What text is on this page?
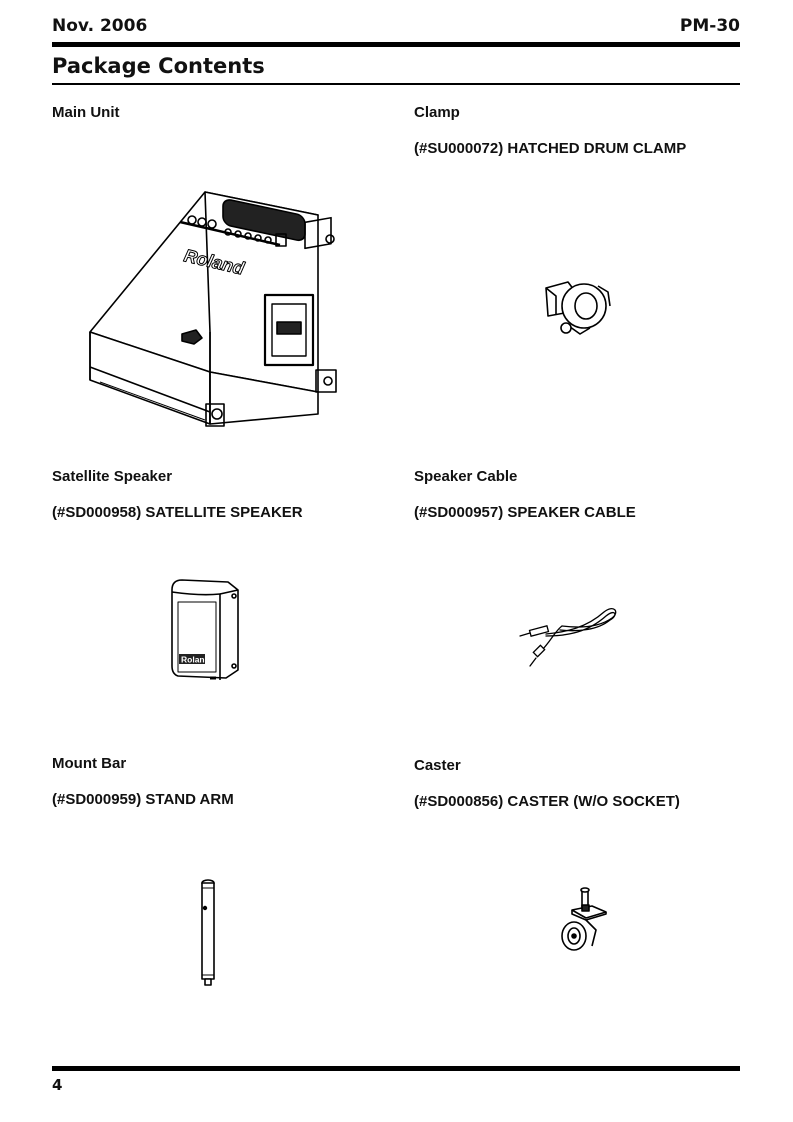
Nov. 2006	PM-30
Package Contents
Main Unit
Roland
Clamp
(#SU000072) HATCHED DRUM CLAMP
Satellite Speaker
(#SD000958) SATELLITE SPEAKER
Roland
Speaker Cable
(#SD000957) SPEAKER CABLE
Mount Bar
(#SD000959) STAND ARM
Caster
(#SD000856) CASTER (W/O SOCKET)
4
